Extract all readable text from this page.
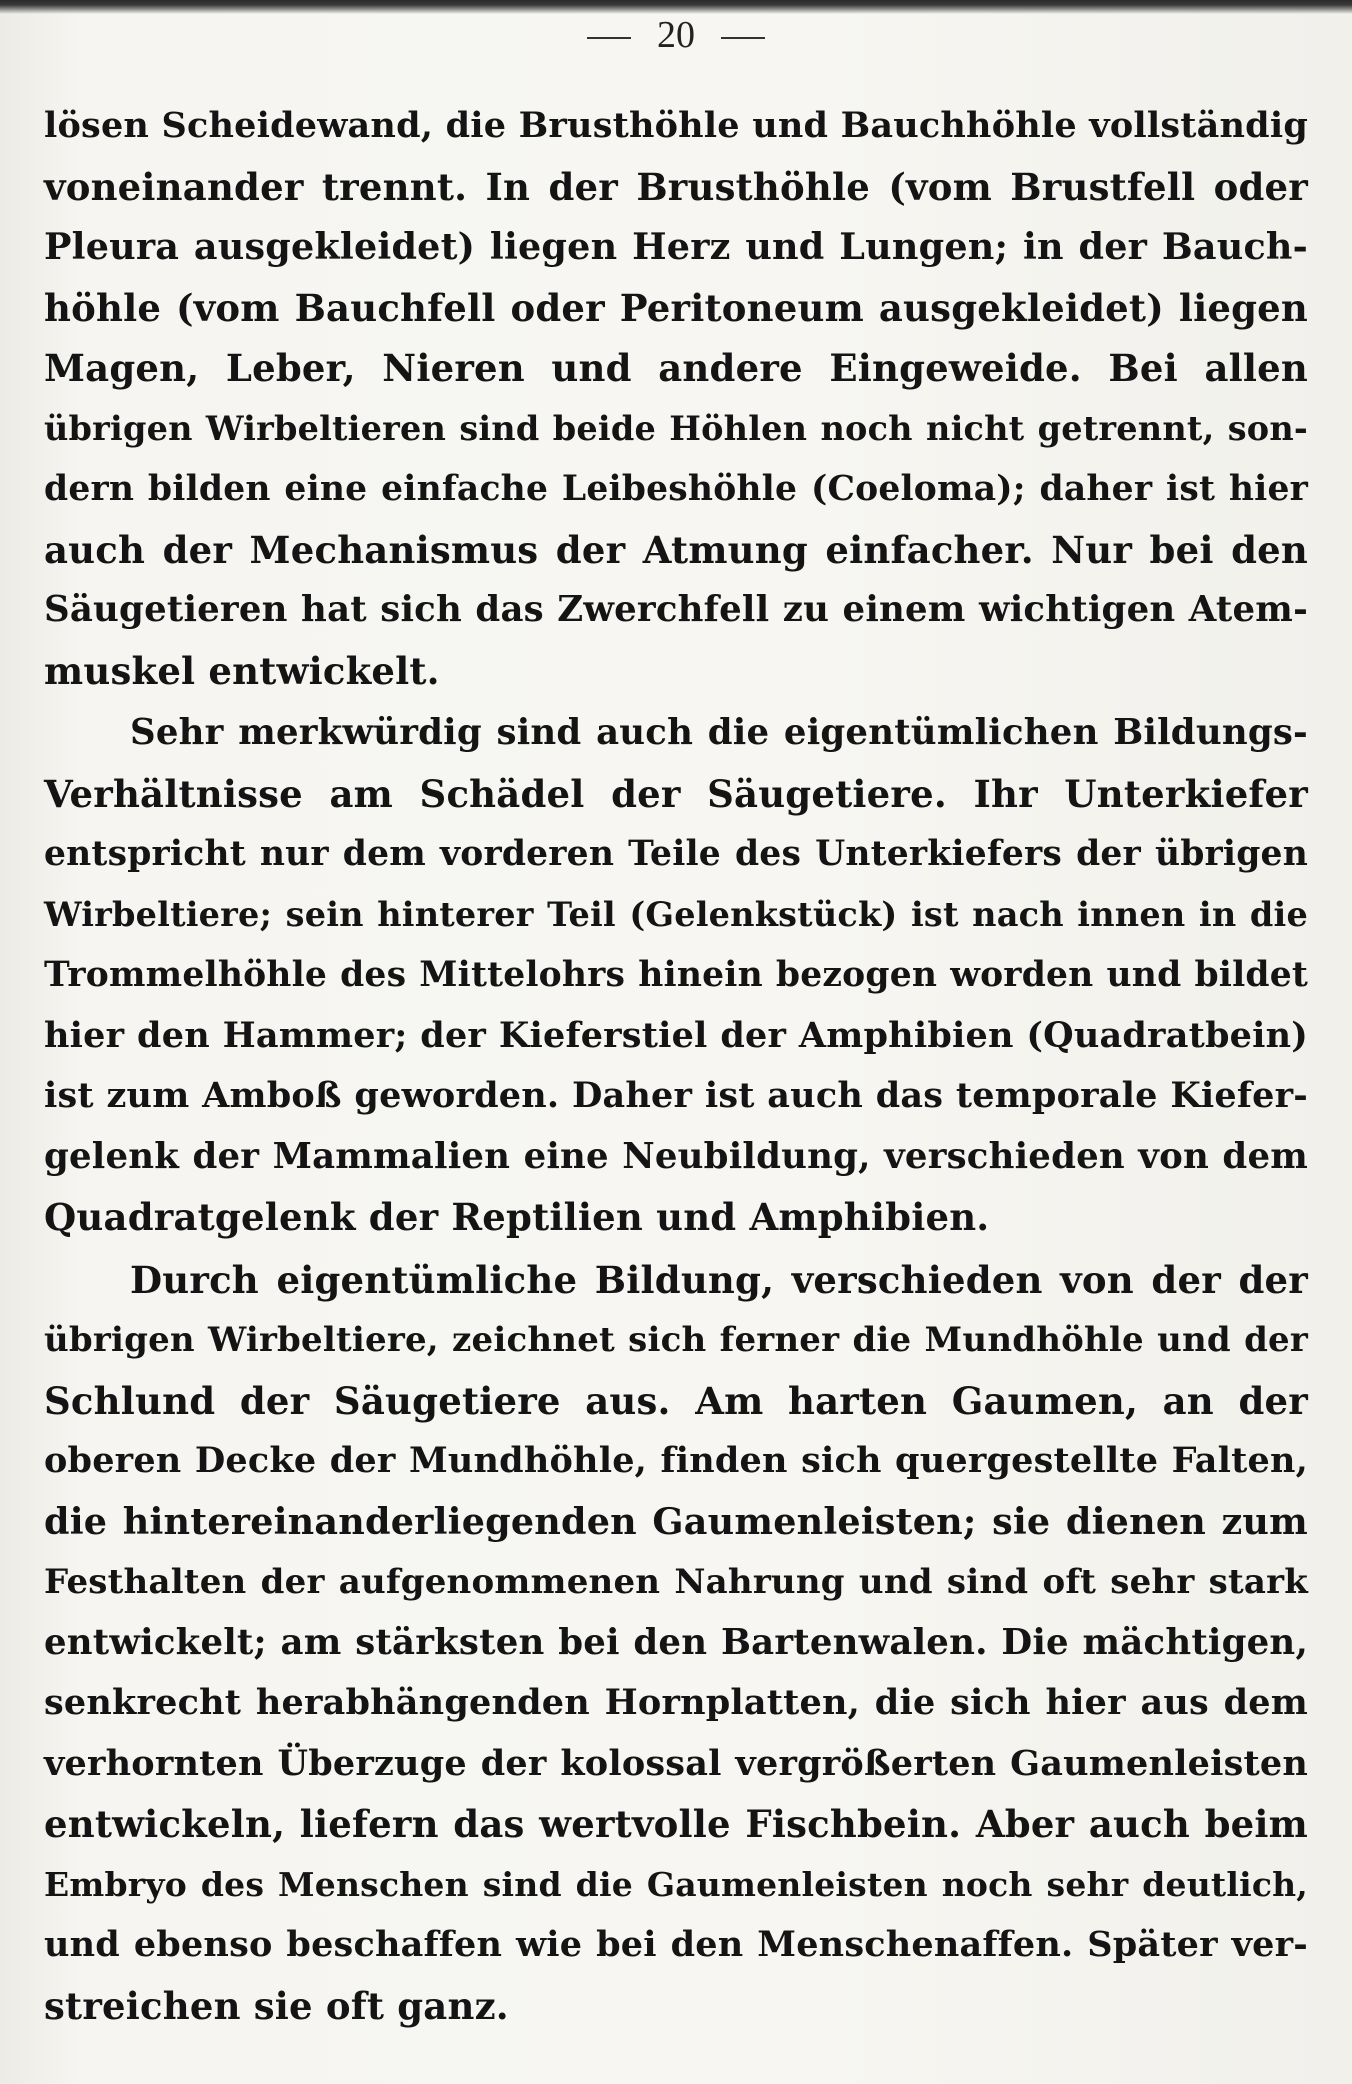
20

lösen Scheidewand, die Brusthöhle und Bauchhöhle vollständig
voneinander trennt. In der Brusthöhle (vom Brustfell oder
Pleura ausgekleidet) liegen Herz und Lungen; in der Bauch-
höhle (vom Bauchfell oder Peritoneum ausgekleidet) liegen
Magen, Leber, Nieren und andere Eingeweide. Bei allen
übrigen Wirbeltieren sind beide Höhlen noch nicht getrennt, son-
dern bilden eine einfache Leibeshöhle (Coeloma); daher ist hier
auch der Mechanismus der Atmung einfacher. Nur bei den
Säugetieren hat sich das Zwerchfell zu einem wichtigen Atem-
muskel entwickelt.

Sehr merkwürdig sind auch die eigentümlichen Bildungs-
Verhältnisse am Schädel der Säugetiere. Ihr Unterkiefer
entspricht nur dem vorderen Teile des Unterkiefers der übrigen
Wirbeltiere; sein hinterer Teil (Gelenkstück) ist nach innen in die
Trommelhöhle des Mittelohrs hinein bezogen worden und bildet
hier den Hammer; der Kieferstiel der Amphibien (Quadratbein)
ist zum Amboß geworden. Daher ist auch das temporale Kiefer-
gelenk der Mammalien eine Neubildung, verschieden von dem
Quadratgelenk der Reptilien und Amphibien.

Durch eigentümliche Bildung, verschieden von der der
übrigen Wirbeltiere, zeichnet sich ferner die Mundhöhle und der
Schlund der Säugetiere aus. Am harten Gaumen, an der
oberen Decke der Mundhöhle, finden sich quergestellte Falten,
die hintereinanderliegenden Gaumenleisten; sie dienen zum
Festhalten der aufgenommenen Nahrung und sind oft sehr stark
entwickelt; am stärksten bei den Bartenwalen. Die mächtigen,
senkrecht herabhängenden Hornplatten, die sich hier aus dem
verhornten Überzuge der kolossal vergrößerten Gaumenleisten
entwickeln, liefern das wertvolle Fischbein. Aber auch beim
Embryo des Menschen sind die Gaumenleisten noch sehr deutlich,
und ebenso beschaffen wie bei den Menschenaffen. Später ver-
streichen sie oft ganz.
